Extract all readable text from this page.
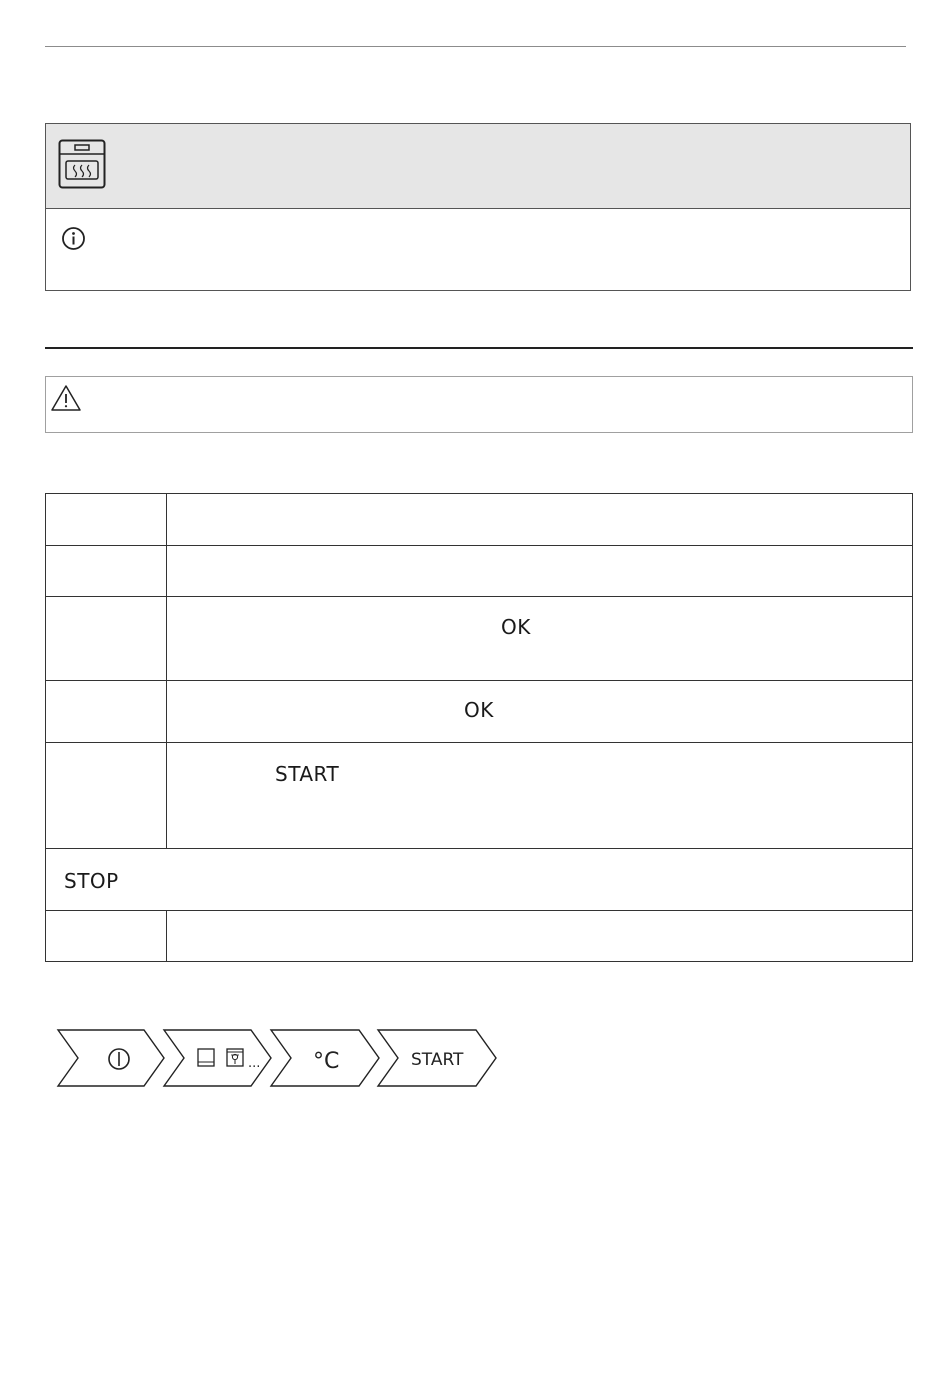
	OK

	OK

	START

STOP	

... °C	START
